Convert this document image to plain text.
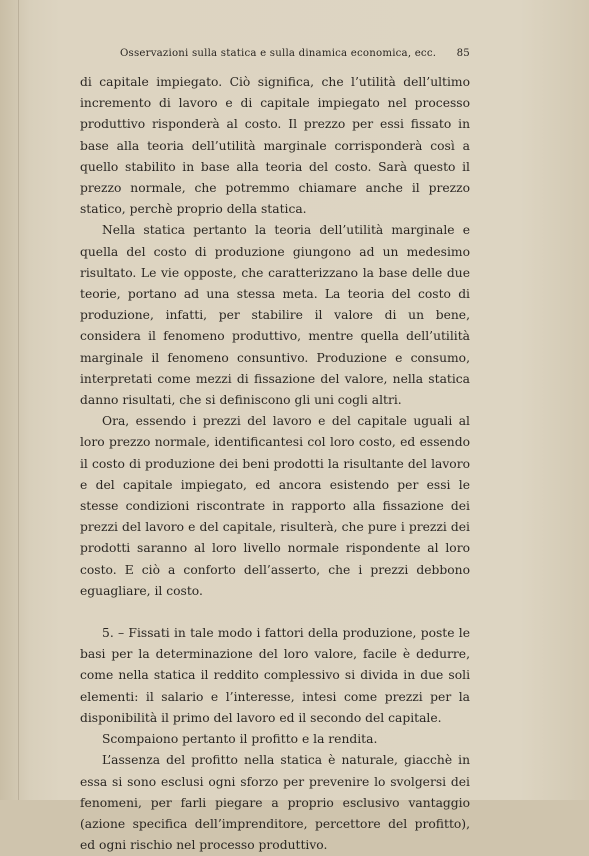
Osservazioni sulla statica e sulla dinamica economica, ecc. 85

di capitale impiegato. Ciò significa, che l’utilità dell’ultimo incremento di lavoro e di capitale impiegato nel processo produttivo risponderà al costo. Il prezzo per essi fissato in base alla teoria dell’utilità marginale corrisponderà così a quello stabilito in base alla teoria del costo. Sarà questo il prezzo normale, che potremmo chiamare anche il prezzo statico, perchè proprio della statica.

Nella statica pertanto la teoria dell’utilità marginale e quella del costo di produzione giungono ad un medesimo risultato. Le vie opposte, che caratterizzano la base delle due teorie, portano ad una stessa meta. La teoria del costo di produzione, infatti, per stabilire il valore di un bene, considera il fenomeno produttivo, mentre quella dell’utilità marginale il fenomeno consuntivo. Produzione e consumo, interpretati come mezzi di fissazione del valore, nella statica danno risultati, che si definiscono gli uni cogli altri.

Ora, essendo i prezzi del lavoro e del capitale uguali al loro prezzo normale, identificantesi col loro costo, ed essendo il costo di produzione dei beni prodotti la risultante del lavoro e del capitale impiegato, ed ancora esistendo per essi le stesse condizioni riscontrate in rapporto alla fissazione dei prezzi del lavoro e del capitale, risulterà, che pure i prezzi dei prodotti saranno al loro livello normale rispondente al loro costo. E ciò a conforto dell’asserto, che i prezzi debbono eguagliare, il costo.

5. – Fissati in tale modo i fattori della produzione, poste le basi per la determinazione del loro valore, facile è dedurre, come nella statica il reddito complessivo si divida in due soli elementi: il salario e l’interesse, intesi come prezzi per la disponibilità il primo del lavoro ed il secondo del capitale.

Scompaiono pertanto il profitto e la rendita.

L’assenza del profitto nella statica è naturale, giacchè in essa si sono esclusi ogni sforzo per prevenire lo svolgersi dei fenomeni, per farli piegare a proprio esclusivo vantaggio (azione specifica dell’imprenditore, percettore del profitto), ed ogni rischio nel processo produttivo.
